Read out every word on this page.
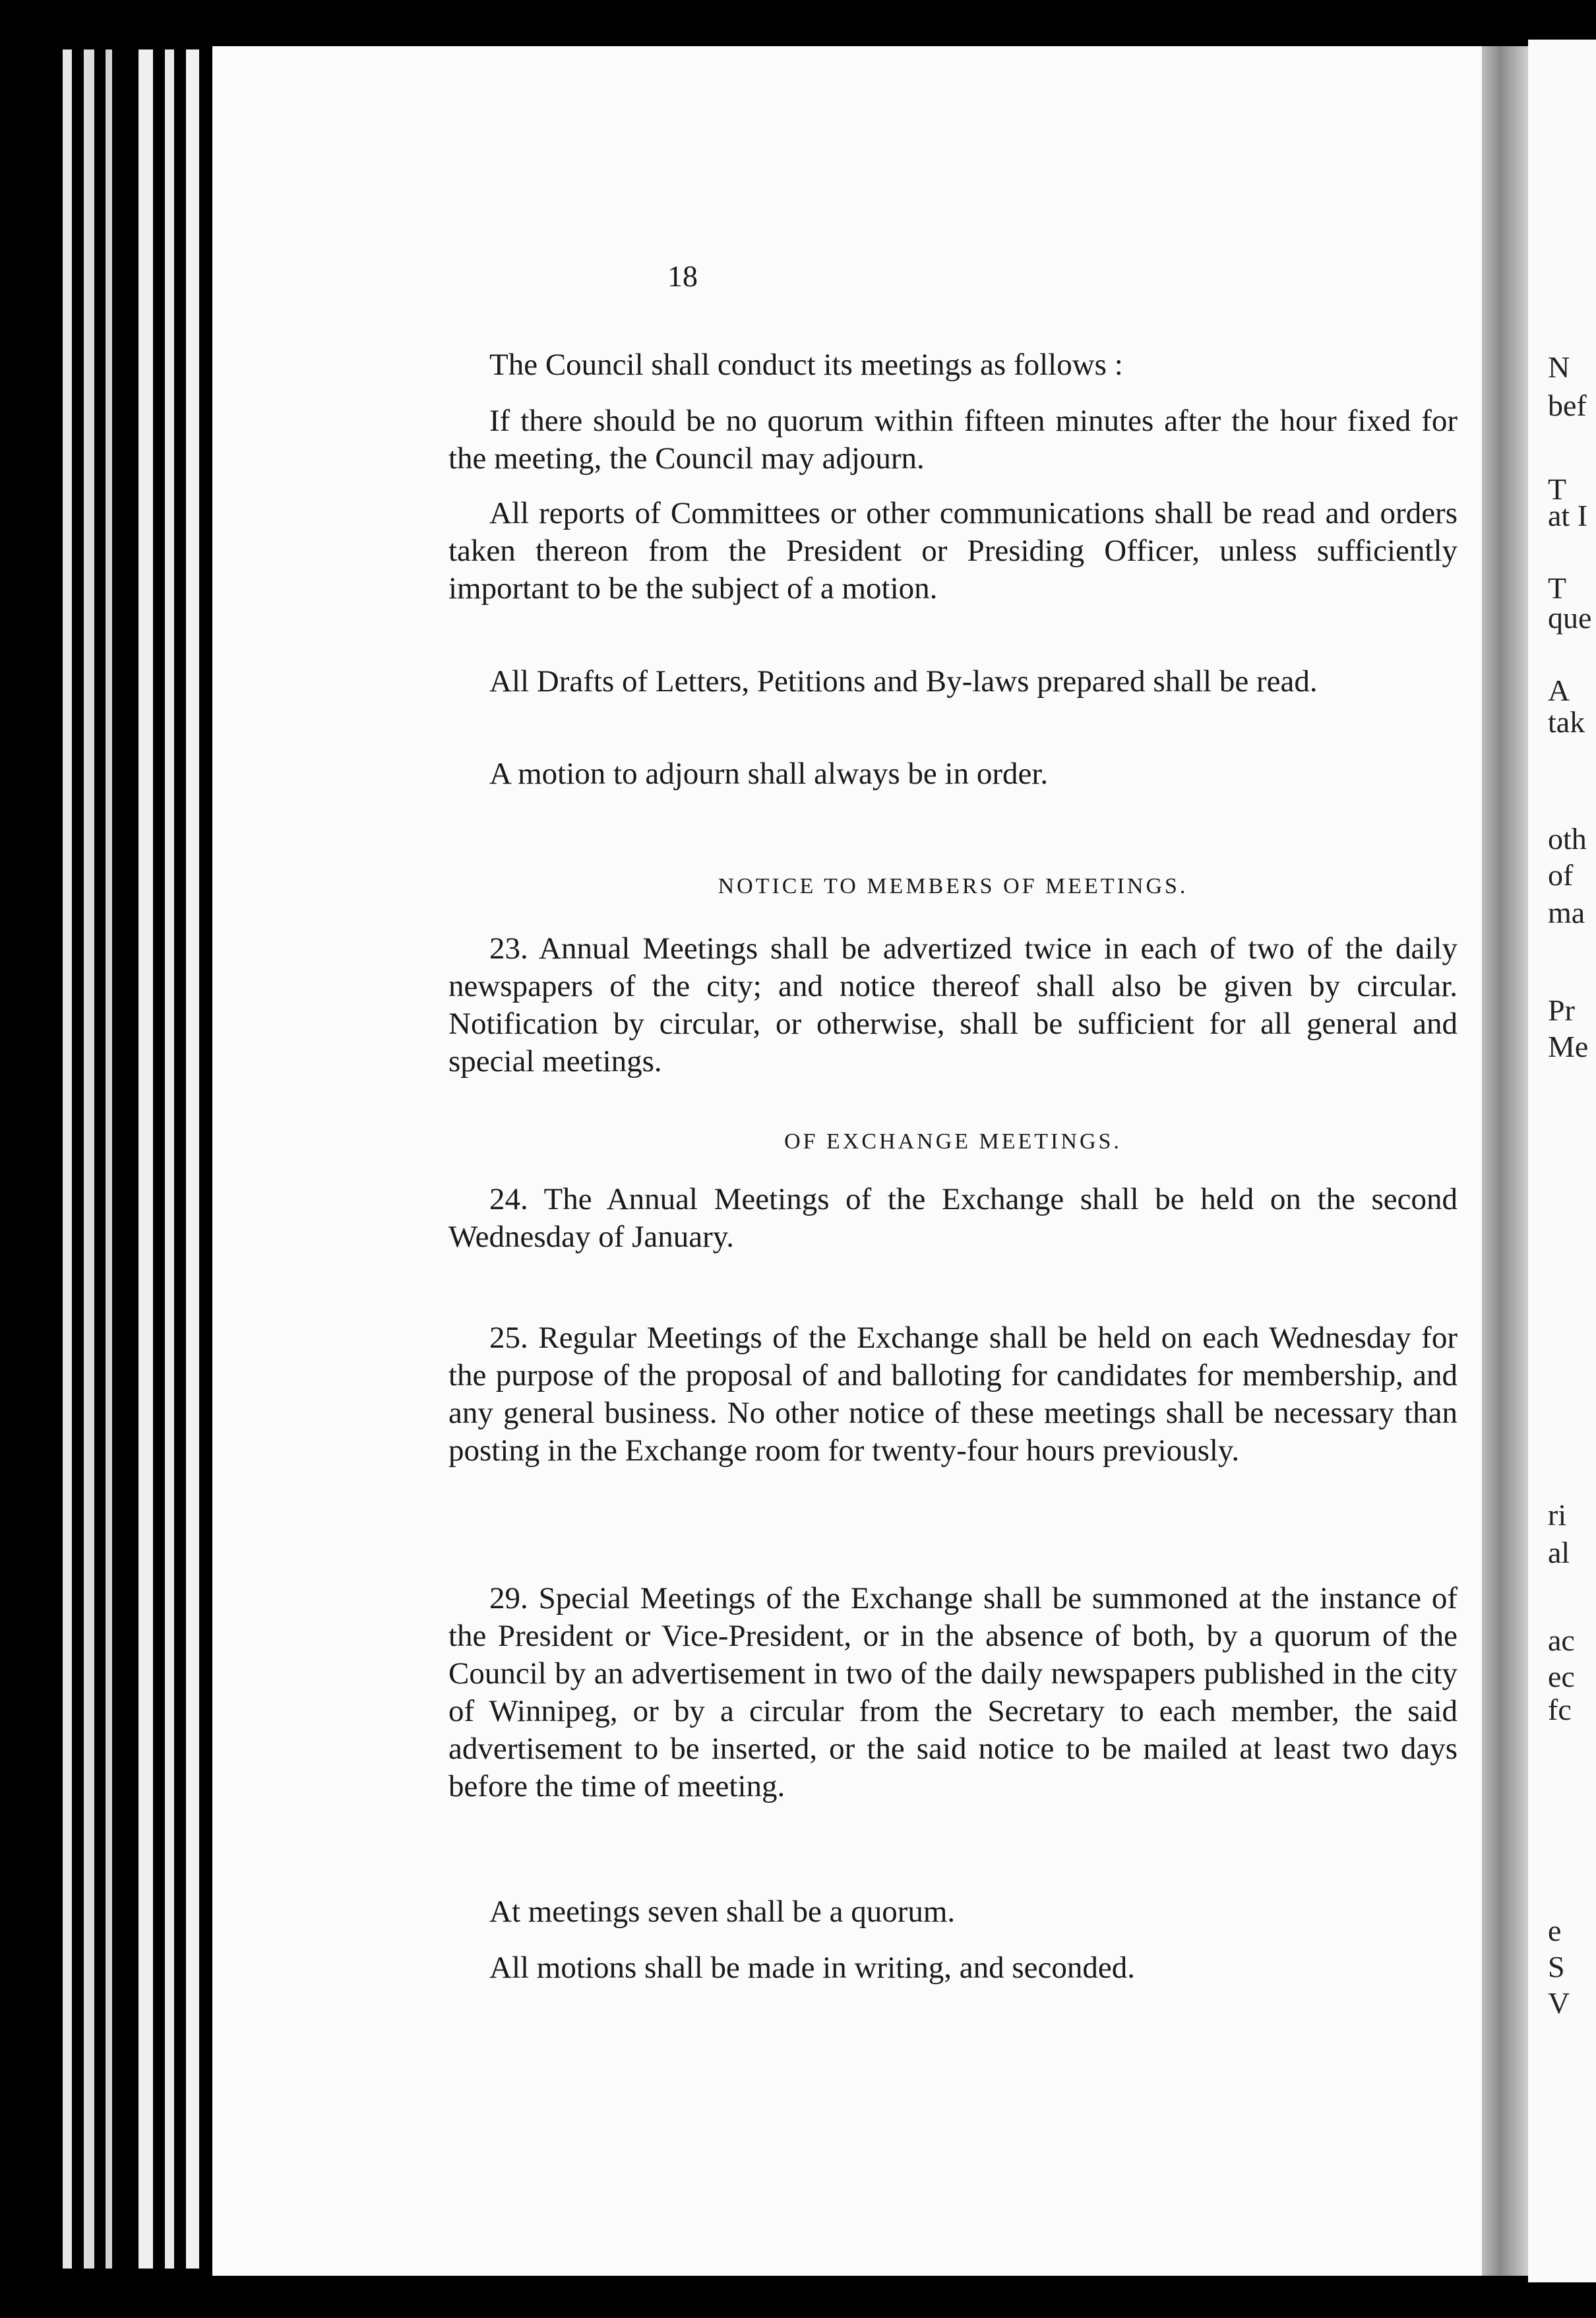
N
bef
T
at I
T
que
A
tak
oth
of
ma
Pr
Me
ri
al
ac
ec
fc
e
S
V
18
The Council shall conduct its meetings as follows :
If there should be no quorum within fifteen minutes after the hour fixed for the meeting, the Council may adjourn.
All reports of Committees or other communications shall be read and orders taken thereon from the President or Presiding Officer, unless sufficiently important to be the subject of a motion.
All Drafts of Letters, Petitions and By-laws prepared shall be read.
A motion to adjourn shall always be in order.
NOTICE TO MEMBERS OF MEETINGS.
23. Annual Meetings shall be advertized twice in each of two of the daily newspapers of the city; and notice thereof shall also be given by circular. Notification by circular, or otherwise, shall be sufficient for all general and special meetings.
OF EXCHANGE MEETINGS.
24. The Annual Meetings of the Exchange shall be held on the second Wednesday of January.
25. Regular Meetings of the Exchange shall be held on each Wednesday for the purpose of the proposal of and balloting for candidates for membership, and any general business. No other notice of these meetings shall be necessary than posting in the Exchange room for twenty-four hours previously.
29. Special Meetings of the Exchange shall be summoned at the instance of the President or Vice-President, or in the absence of both, by a quorum of the Council by an advertisement in two of the daily newspapers published in the city of Winnipeg, or by a circular from the Secretary to each member, the said advertisement to be inserted, or the said notice to be mailed at least two days before the time of meeting.
At meetings seven shall be a quorum.
All motions shall be made in writing, and seconded.
